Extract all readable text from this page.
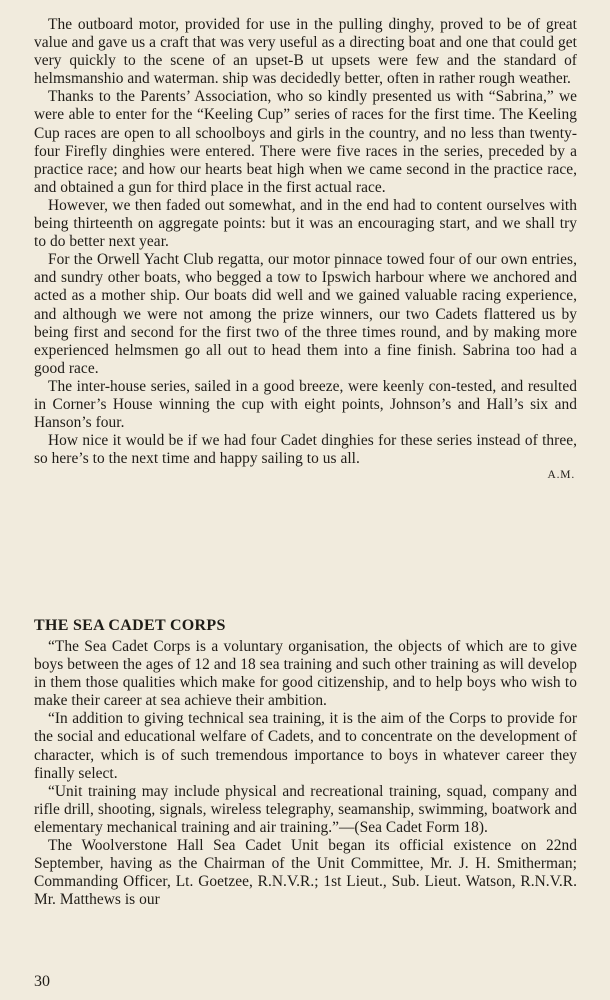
The outboard motor, provided for use in the pulling dinghy, proved to be of great value and gave us a craft that was very useful as a directing boat and one that could get very quickly to the scene of an upset-B ut upsets were few and the standard of helmsmanshio and waterman. ship was decidedly better, often in rather rough weather.

Thanks to the Parents’ Association, who so kindly presented us with “Sabrina,” we were able to enter for the “Keeling Cup” series of races for the first time. The Keeling Cup races are open to all schoolboys and girls in the country, and no less than twenty-four Firefly dinghies were entered. There were five races in the series, preceded by a practice race; and how our hearts beat high when we came second in the practice race, and obtained a gun for third place in the first actual race.

However, we then faded out somewhat, and in the end had to content ourselves with being thirteenth on aggregate points: but it was an encouraging start, and we shall try to do better next year.

For the Orwell Yacht Club regatta, our motor pinnace towed four of our own entries, and sundry other boats, who begged a tow to Ipswich harbour where we anchored and acted as a mother ship. Our boats did well and we gained valuable racing experience, and although we were not among the prize winners, our two Cadets flattered us by being first and second for the first two of the three times round, and by making more experienced helmsmen go all out to head them into a fine finish. Sabrina too had a good race.

The inter-house series, sailed in a good breeze, were keenly con-tested, and resulted in Corner’s House winning the cup with eight points, Johnson’s and Hall’s six and Hanson’s four.

How nice it would be if we had four Cadet dinghies for these series instead of three, so here’s to the next time and happy sailing to us all.

A.M.

THE SEA CADET CORPS

“The Sea Cadet Corps is a voluntary organisation, the objects of which are to give boys between the ages of 12 and 18 sea training and such other training as will develop in them those qualities which make for good citizenship, and to help boys who wish to make their career at sea achieve their ambition.

“In addition to giving technical sea training, it is the aim of the Corps to provide for the social and educational welfare of Cadets, and to concentrate on the development of character, which is of such tremendous importance to boys in whatever career they finally select.

“Unit training may include physical and recreational training, squad, company and rifle drill, shooting, signals, wireless telegraphy, seamanship, swimming, boatwork and elementary mechanical training and air training.”—(Sea Cadet Form 18).

The Woolverstone Hall Sea Cadet Unit began its official existence on 22nd September, having as the Chairman of the Unit Committee, Mr. J. H. Smitherman; Commanding Officer, Lt. Goetzee, R.N.V.R.; 1st Lieut., Sub. Lieut. Watson, R.N.V.R. Mr. Matthews is our

30
